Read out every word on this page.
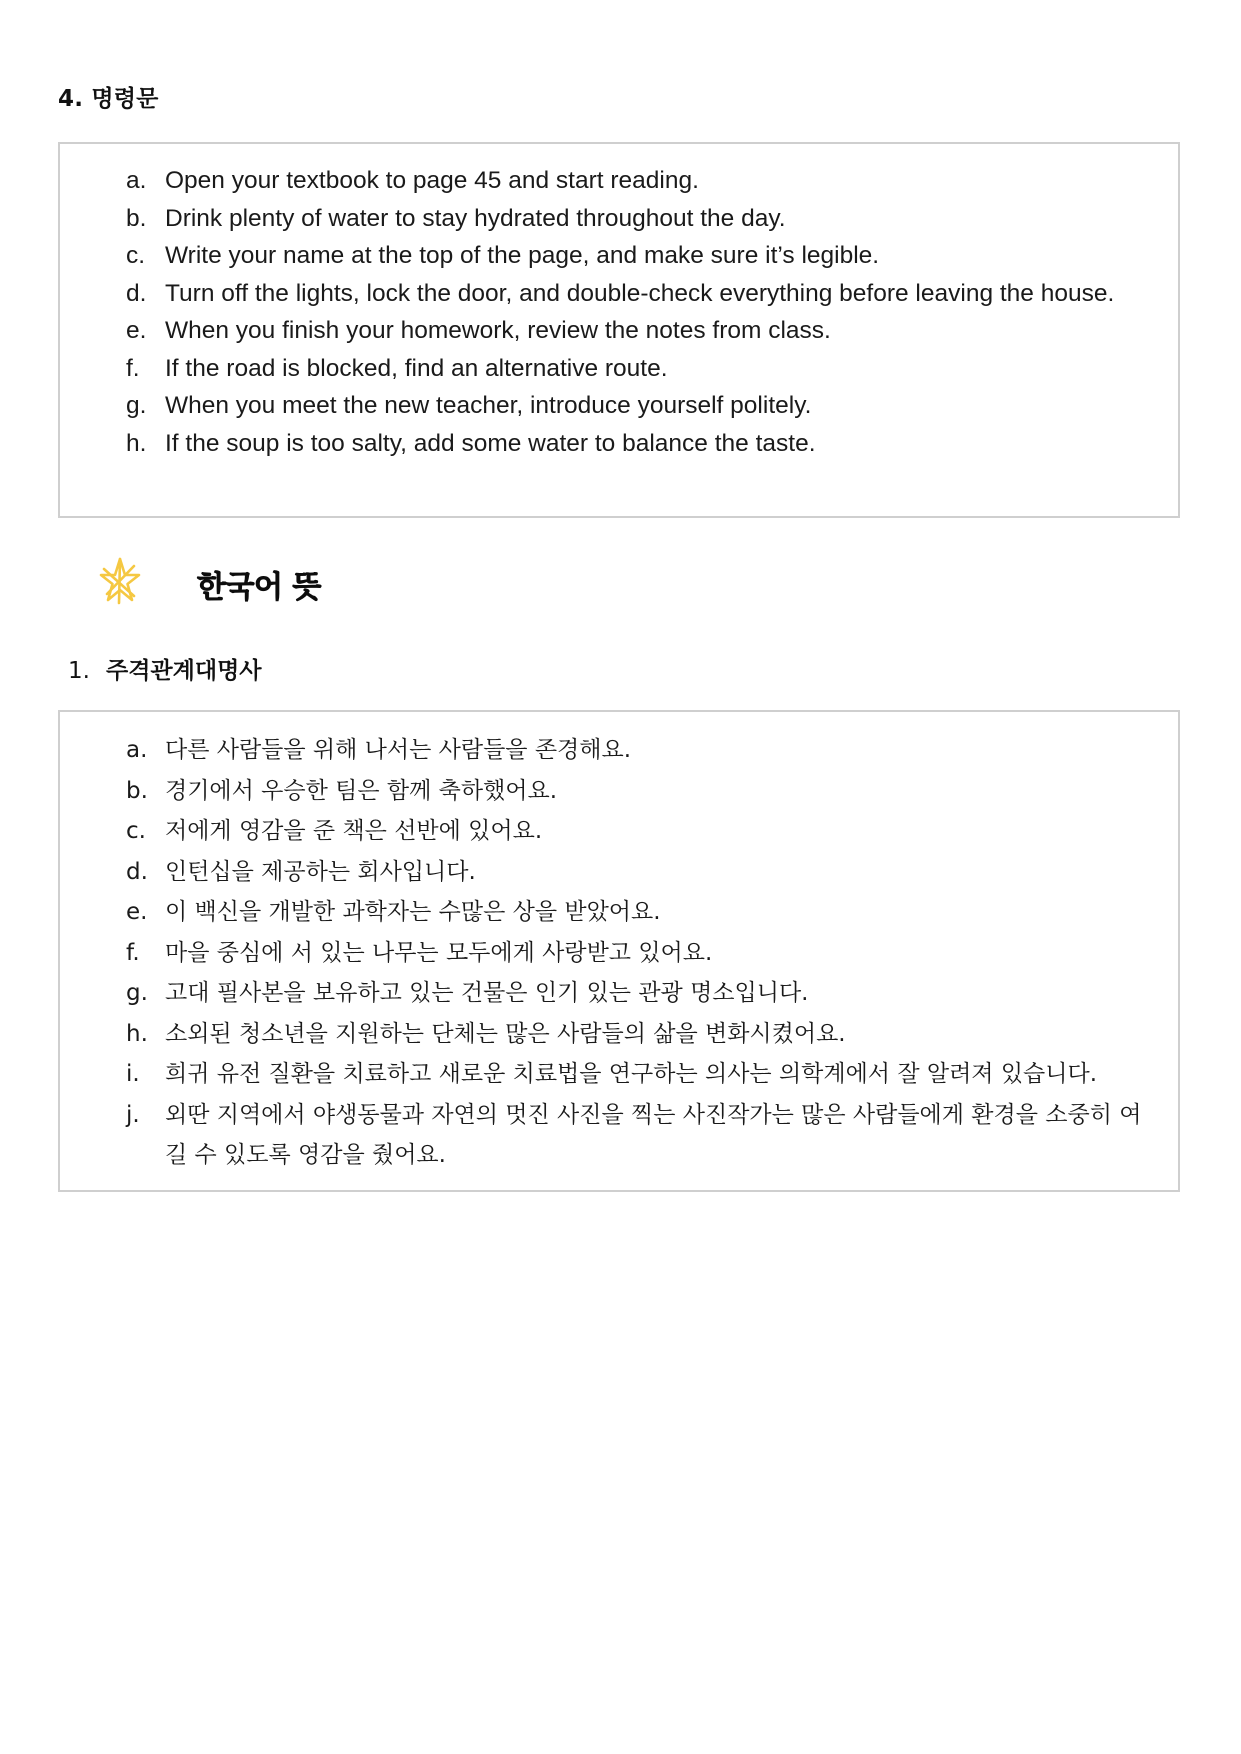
4. 명령문
a. Open your textbook to page 45 and start reading.
b. Drink plenty of water to stay hydrated throughout the day.
c. Write your name at the top of the page, and make sure it’s legible.
d. Turn off the lights, lock the door, and double-check everything before leaving the house.
e. When you finish your homework, review the notes from class.
f.	If the road is blocked, find an alternative route.
g. When you meet the new teacher, introduce yourself politely.
h. If the soup is too salty, add some water to balance the taste.
한국어 뜻
1. 주격관계대명사
a. 다른 사람들을 위해 나서는 사람들을 존경해요.
b. 경기에서 우승한 팀은 함께 축하했어요.
c. 저에게 영감을 준 책은 선반에 있어요.
d. 인턴십을 제공하는 회사입니다.
e. 이 백신을 개발한 과학자는 수많은 상을 받았어요.
f.	마을 중심에 서 있는 나무는 모두에게 사랑받고 있어요.
g. 고대 필사본을 보유하고 있는 건물은 인기 있는 관광 명소입니다.
h. 소외된 청소년을 지원하는 단체는 많은 사람들의 삶을 변화시켰어요.
i.	희귀 유전 질환을 치료하고 새로운 치료법을 연구하는 의사는 의학계에서 잘 알려져 있습니다.
j.	외딴 지역에서 야생동물과 자연의 멋진 사진을 찍는 사진작가는 많은 사람들에게 환경을 소중히 여길 수 있도록 영감을 줬어요.
